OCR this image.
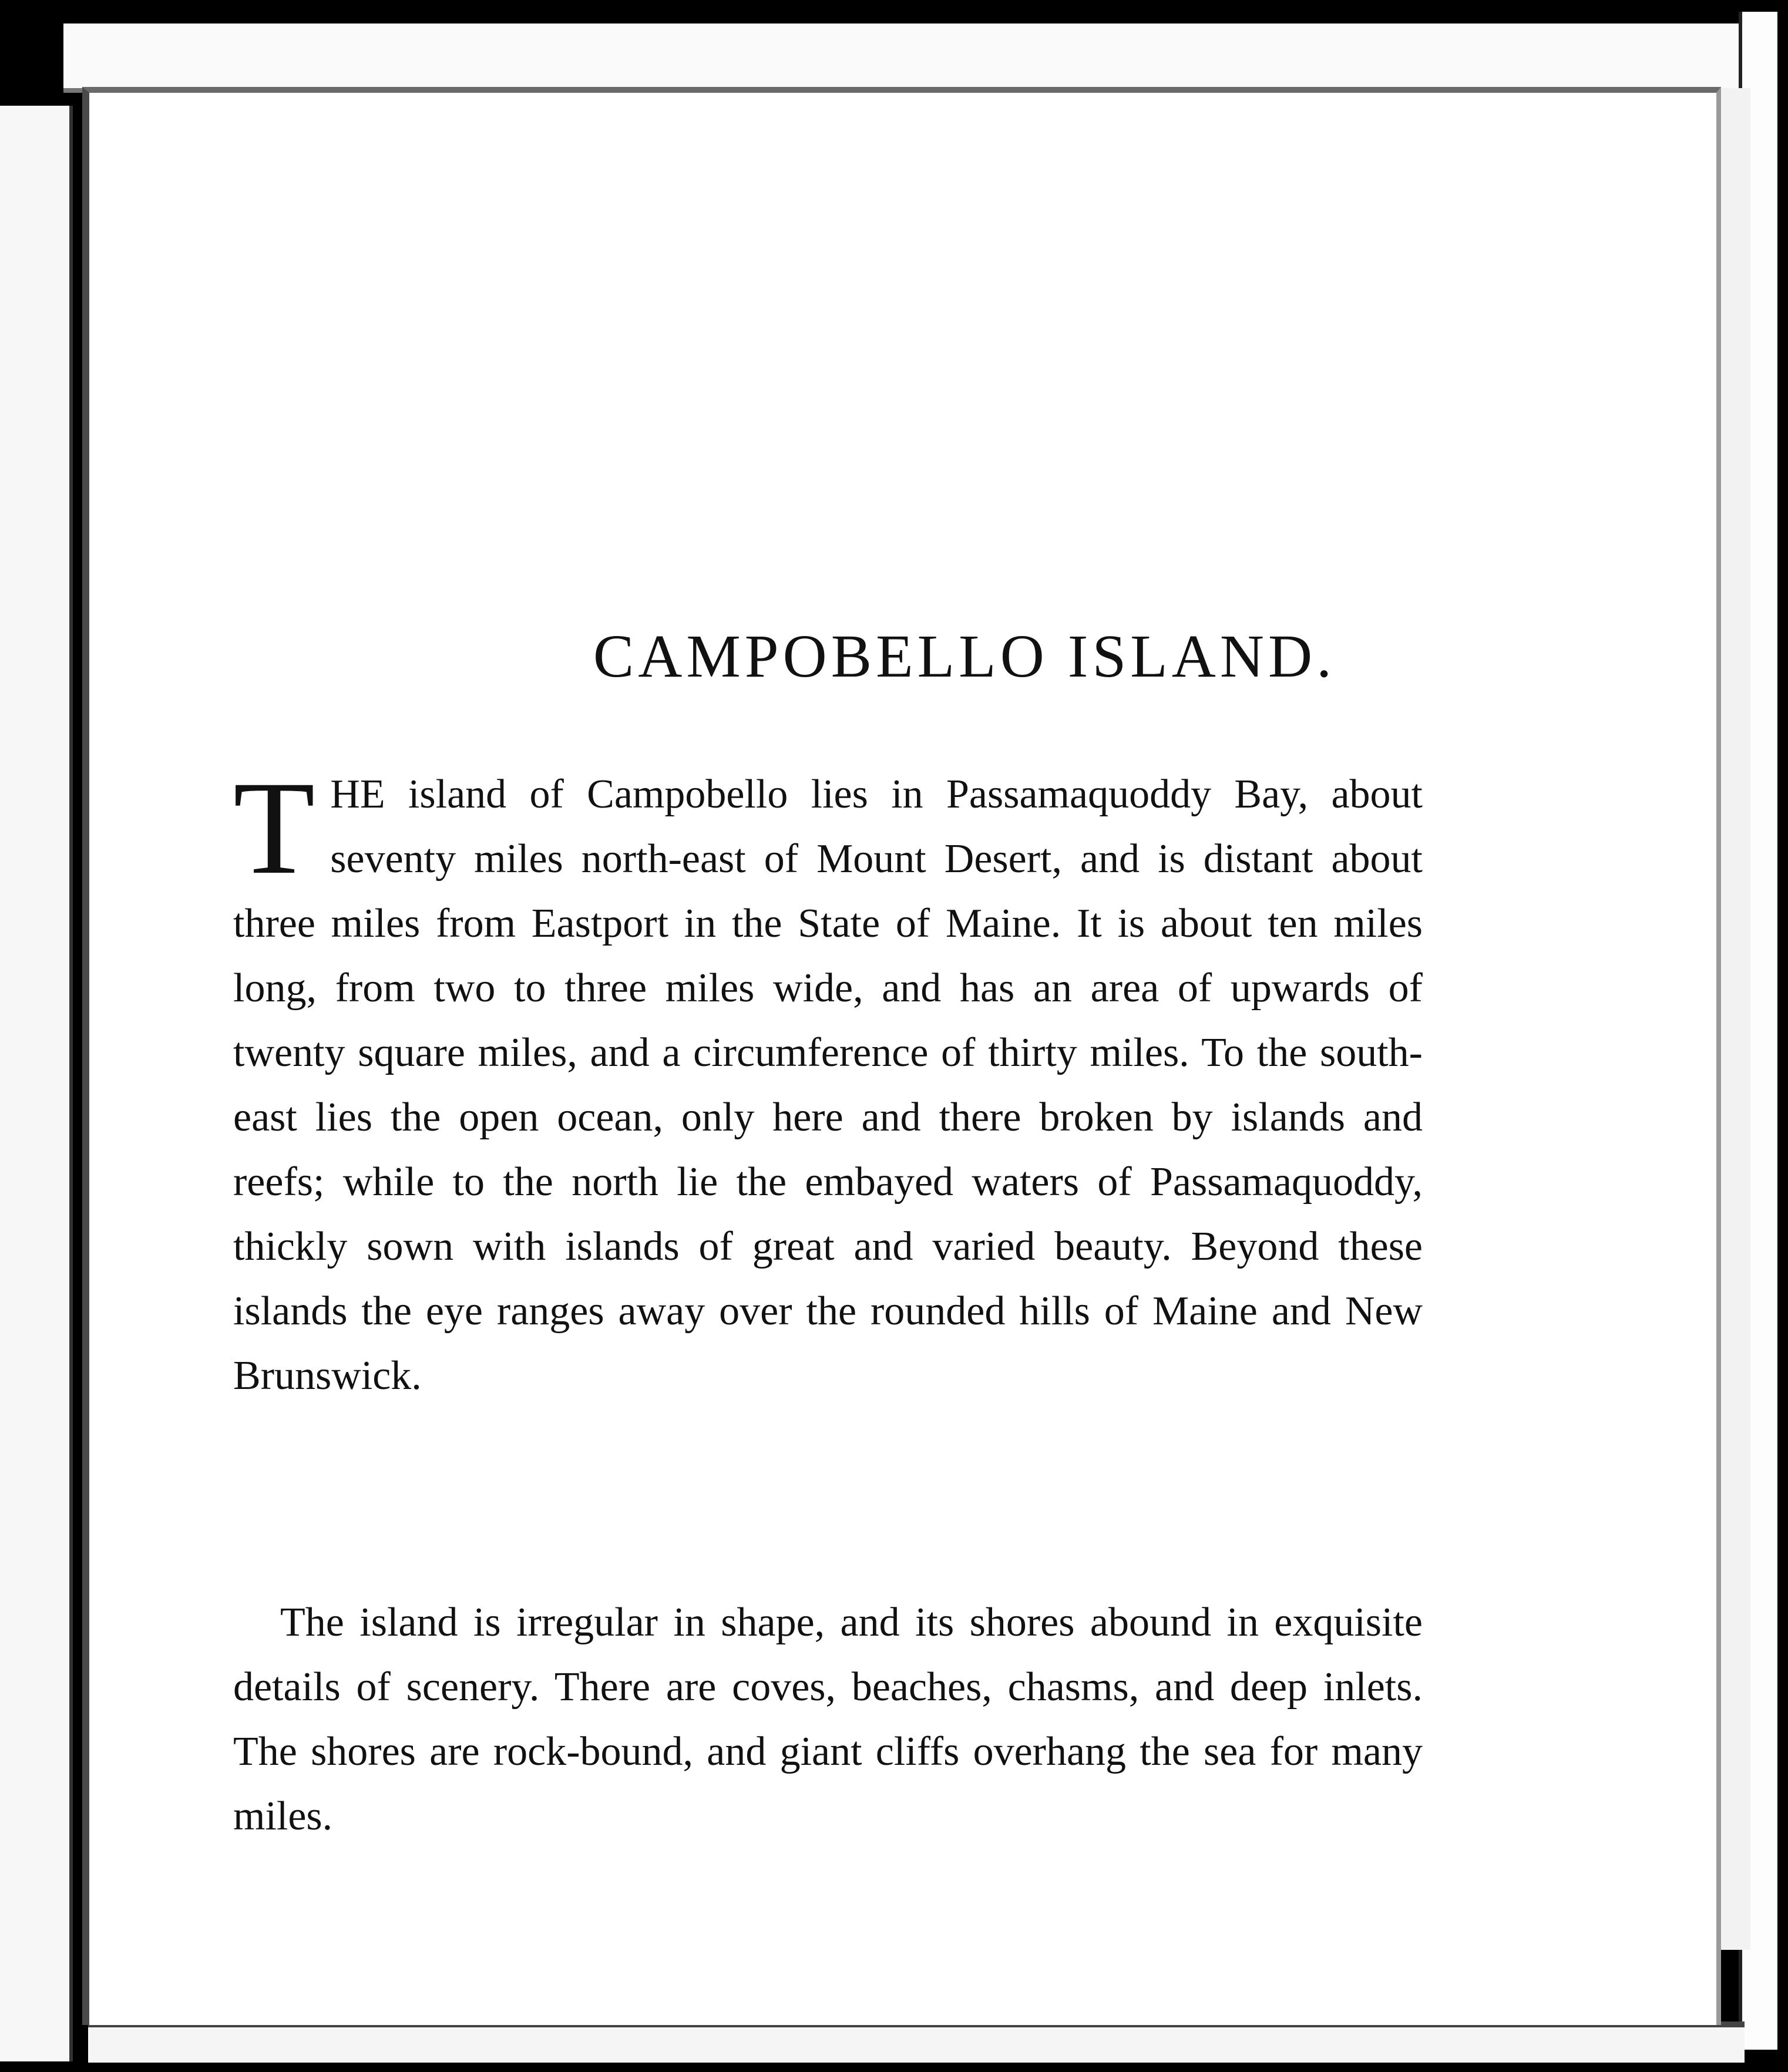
CAMPOBELLO ISLAND.

THE island of Campobello lies in Passamaquoddy Bay, about seventy miles north-east of Mount Desert, and is distant about three miles from Eastport in the State of Maine. It is about ten miles long, from two to three miles wide, and has an area of upwards of twenty square miles, and a circumference of thirty miles. To the south-east lies the open ocean, only here and there broken by islands and reefs; while to the north lie the embayed waters of Passamaquoddy, thickly sown with islands of great and varied beauty. Beyond these islands the eye ranges away over the rounded hills of Maine and New Brunswick.

The island is irregular in shape, and its shores abound in exquisite details of scenery. There are coves, beaches, chasms, and deep inlets. The shores are rock-bound, and giant cliffs overhang the sea for many miles.
